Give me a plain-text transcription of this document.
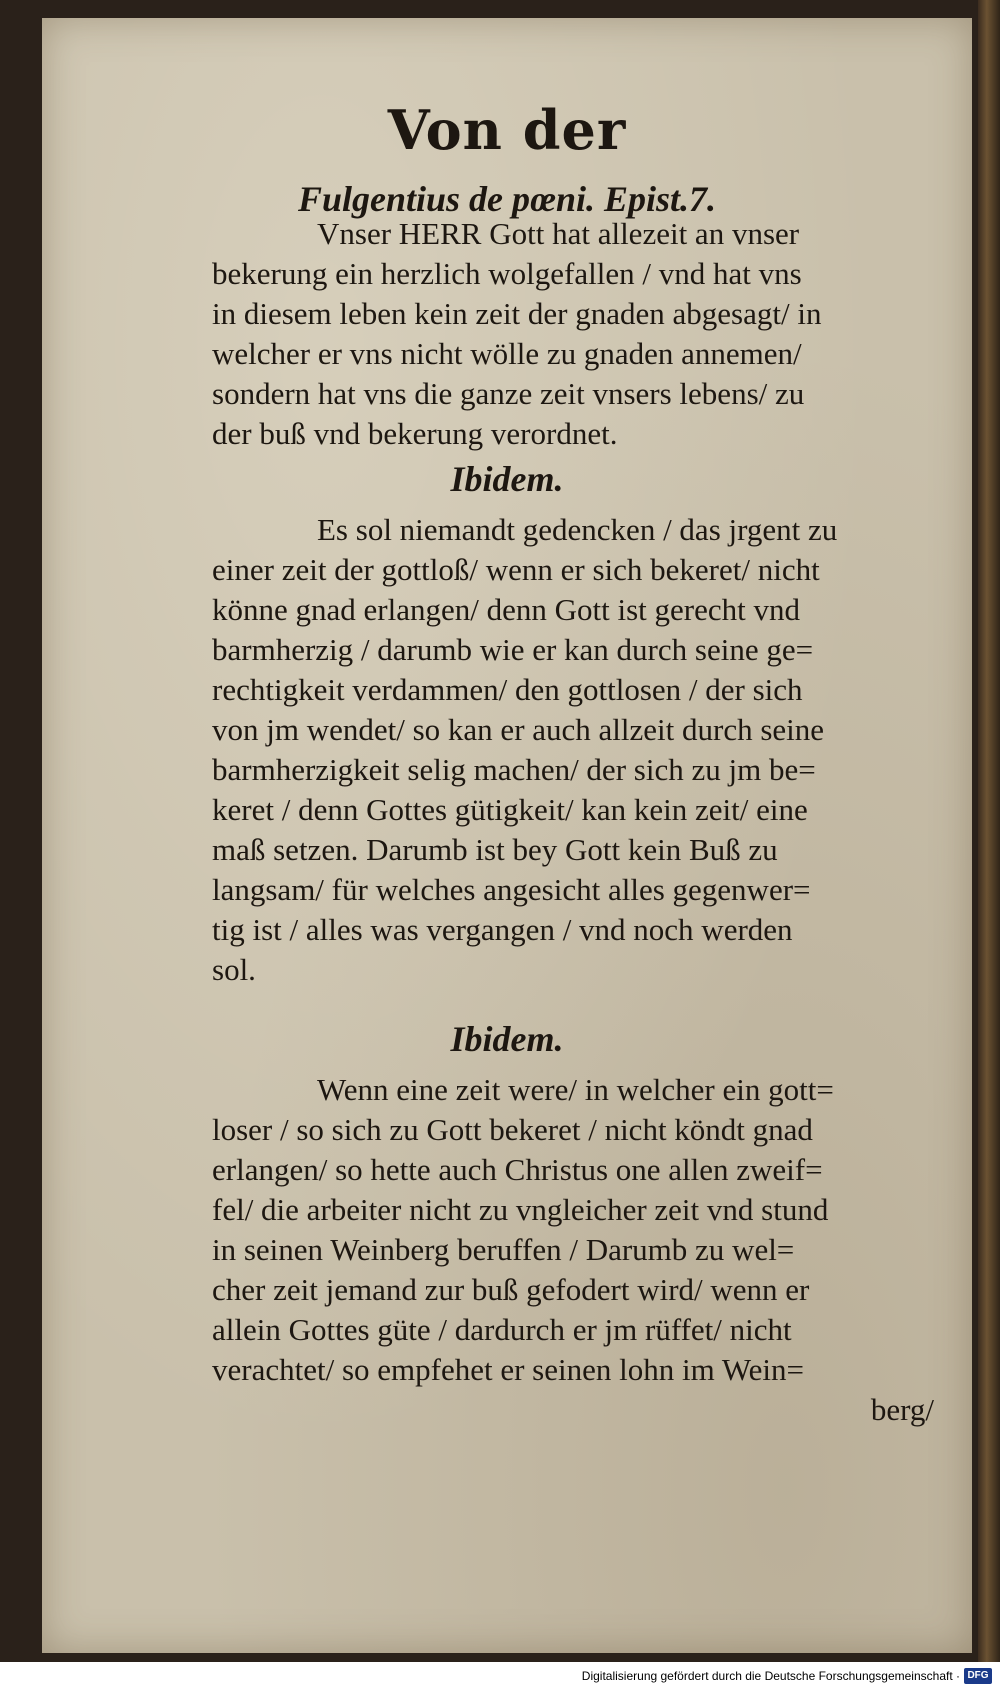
Von der
Fulgentius de pœni. Epist.7.

Vnser HERR Gott hat allezeit an vnser
bekerung ein herzlich wolgefallen / vnd hat vns
in diesem leben kein zeit der gnaden abgesagt/ in
welcher er vns nicht wölle zu gnaden annemen/
sondern hat vns die ganze zeit vnsers lebens/ zu
der buß vnd bekerung verordnet.

Ibidem.

Es sol niemandt gedencken / das jrgent zu
einer zeit der gottloß/ wenn er sich bekeret/ nicht
könne gnad erlangen/ denn Gott ist gerecht vnd
barmherzig / darumb wie er kan durch seine ge=
rechtigkeit verdammen/ den gottlosen / der sich
von jm wendet/ so kan er auch allzeit durch seine
barmherzigkeit selig machen/ der sich zu jm be=
keret / denn Gottes gütigkeit/ kan kein zeit/ eine
maß setzen. Darumb ist bey Gott kein Buß zu
langsam/ für welches angesicht alles gegenwer=
tig ist / alles was vergangen / vnd noch werden
sol.

Ibidem.

Wenn eine zeit were/ in welcher ein gott=
loser / so sich zu Gott bekeret / nicht köndt gnad
erlangen/ so hette auch Christus one allen zweif=
fel/ die arbeiter nicht zu vngleicher zeit vnd stund
in seinen Weinberg beruffen / Darumb zu wel=
cher zeit jemand zur buß gefodert wird/ wenn er
allein Gottes güte / dardurch er jm rüffet/ nicht
verachtet/ so empfehet er seinen lohn im Wein=
berg/

Digitalisierung gefördert durch die Deutsche Forschungsgemeinschaft · DFG
